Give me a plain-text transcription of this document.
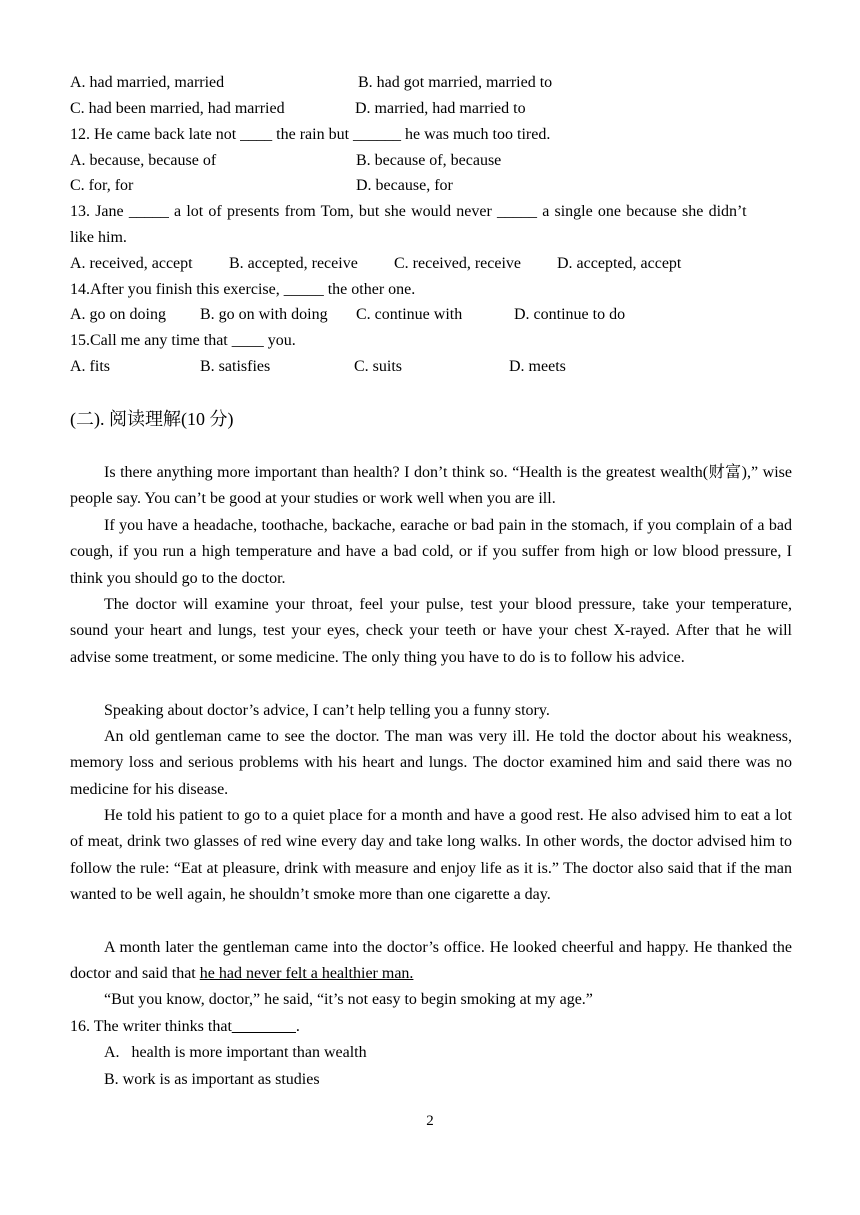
A. had married, married	B. had got married, married to
C. had been married, had married	D. married, had married to
12. He came back late not ____ the rain but ______ he was much too tired.
A. because, because of	B. because of, because
C. for, for	D. because, for
13. Jane _____ a lot of presents from Tom, but she would never _____ a single one because she didn’t
like him.
A. received, accept B. accepted, receive C. received, receive D. accepted, accept
14.After you finish this exercise, _____ the other one.
A. go on doing B. go on with doing C. continue with	D. continue to do
15.Call me any time that ____ you.
A. fits	B. satisfies	C. suits	D. meets
(二). 阅读理解(10 分)

Is there anything more important than health? I don’t think so. “Health is the greatest wealth(财富),” wise people say. You can’t be good at your studies or work well when you are ill.

If you have a headache, toothache, backache, earache or bad pain in the stomach, if you complain of a bad cough, if you run a high temperature and have a bad cold, or if you suffer from high or low blood pressure, I think you should go to the doctor.

The doctor will examine your throat, feel your pulse, test your blood pressure, take your temperature, sound your heart and lungs, test your eyes, check your teeth or have your chest X-rayed. After that he will advise some treatment, or some medicine. The only thing you have to do is to follow his advice.

Speaking about doctor’s advice, I can’t help telling you a funny story.

An old gentleman came to see the doctor. The man was very ill. He told the doctor about his weakness, memory loss and serious problems with his heart and lungs. The doctor examined him and said there was no medicine for his disease.

He told his patient to go to a quiet place for a month and have a good rest. He also advised him to eat a lot of meat, drink two glasses of red wine every day and take long walks. In other words, the doctor advised him to follow the rule: “Eat at pleasure, drink with measure and enjoy life as it is.” The doctor also said that if the man wanted to be well again, he shouldn’t smoke more than one cigarette a day.

A month later the gentleman came into the doctor’s office. He looked cheerful and happy. He thanked the doctor and said that he had never felt a healthier man.

“But you know, doctor,” he said, “it’s not easy to begin smoking at my age.”

16. The writer thinks that________.
A.   health is more important than wealth
B. work is as important as studies
2
